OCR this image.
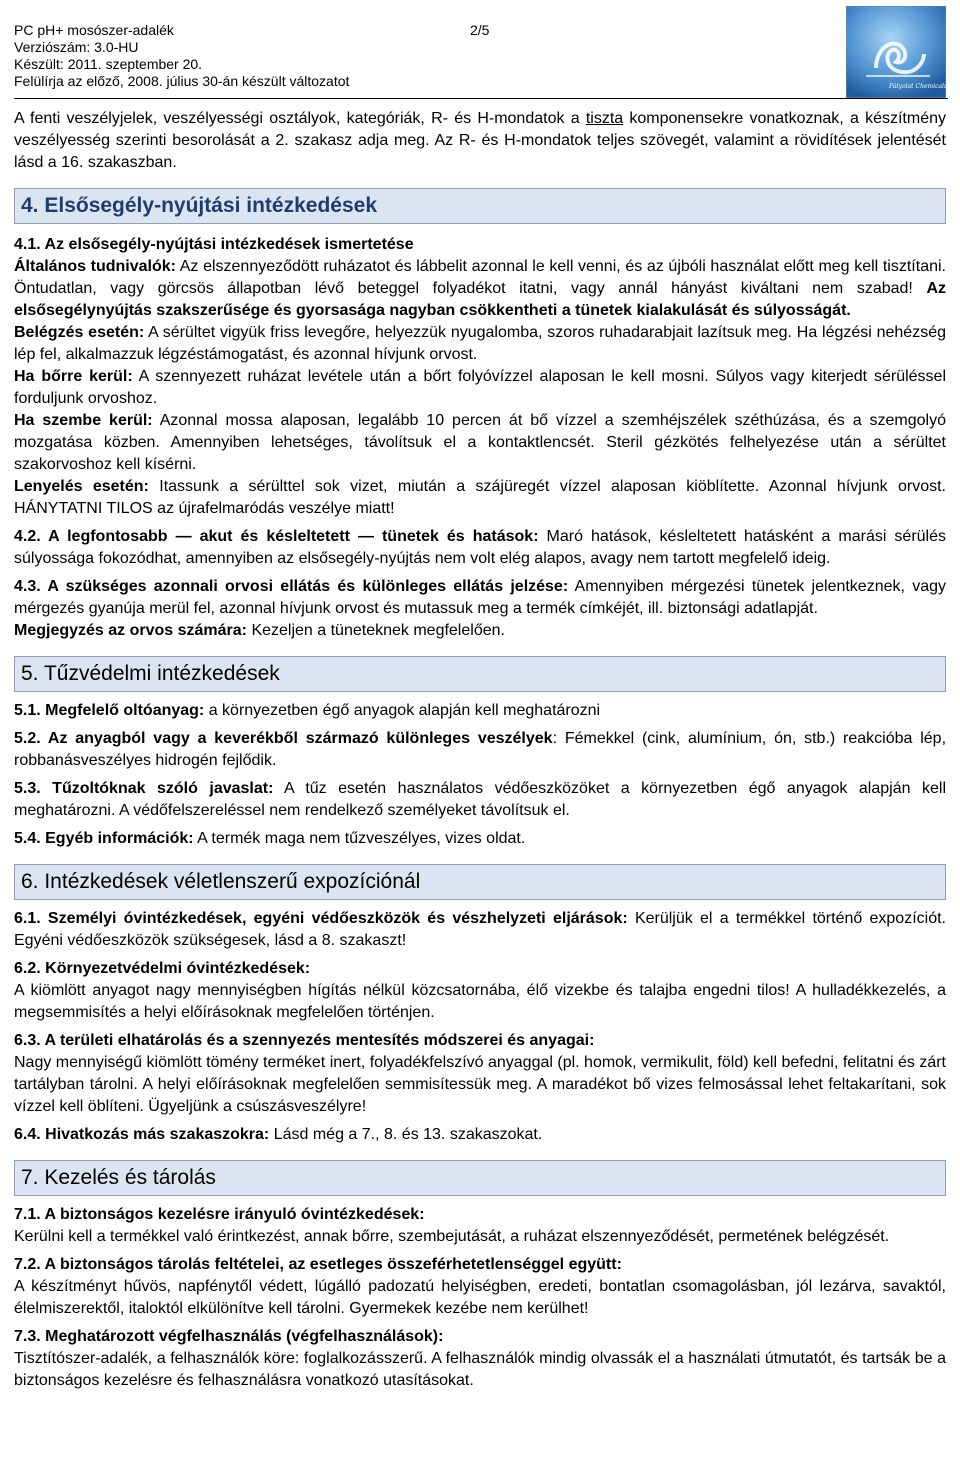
PC pH+ mosószer-adalék	2/5
Verziószám: 3.0-HU
Készült: 2011. szeptember 20.
Felülírja az előző, 2008. július 30-án készült változatot	Fátyolat Chemicals

A fenti veszélyjelek, veszélyességi osztályok, kategóriák, R- és H-mondatok a tiszta komponensekre vonatkoznak, a készítmény veszélyesség szerinti besorolását a 2. szakasz adja meg. Az R- és H-mondatok teljes szövegét, valamint a rövidítések jelentését lásd a 16. szakaszban.

4. Elsősegély-nyújtási intézkedések

4.1. Az elsősegély-nyújtási intézkedések ismertetése

Általános tudnivalók: Az elszennyeződött ruházatot és lábbelit azonnal le kell venni, és az újbóli használat előtt meg kell tisztítani. Öntudatlan, vagy görcsös állapotban lévő beteggel folyadékot itatni, vagy annál hányást kiváltani nem szabad! Az elsősegélynyújtás szakszerűsége és gyorsasága nagyban csökkentheti a tünetek kialakulását és súlyosságát.

Belégzés esetén: A sérültet vigyük friss levegőre, helyezzük nyugalomba, szoros ruhadarabjait lazítsuk meg. Ha légzési nehézség lép fel, alkalmazzuk légzéstámogatást, és azonnal hívjunk orvost.

Ha bőrre kerül: A szennyezett ruházat levétele után a bőrt folyóvízzel alaposan le kell mosni. Súlyos vagy kiterjedt sérüléssel forduljunk orvoshoz.

Ha szembe kerül: Azonnal mossa alaposan, legalább 10 percen át bő vízzel a szemhéjszélek széthúzása, és a szemgolyó mozgatása közben. Amennyiben lehetséges, távolítsuk el a kontaktlencsét. Steril gézkötés felhelyezése után a sérültet szakorvoshoz kell kísérni.

Lenyelés esetén: Itassunk a sérülttel sok vizet, miután a szájüregét vízzel alaposan kiöblítette. Azonnal hívjunk orvost. HÁNYTATNI TILOS az újrafelmaródás veszélye miatt!

4.2. A legfontosabb — akut és késleltetett — tünetek és hatások: Maró hatások, késleltetett hatásként a marási sérülés súlyossága fokozódhat, amennyiben az elsősegély-nyújtás nem volt elég alapos, avagy nem tartott megfelelő ideig.

4.3. A szükséges azonnali orvosi ellátás és különleges ellátás jelzése: Amennyiben mérgezési tünetek jelentkeznek, vagy mérgezés gyanúja merül fel, azonnal hívjunk orvost és mutassuk meg a termék címkéjét, ill. biztonsági adatlapját.

Megjegyzés az orvos számára: Kezeljen a tüneteknek megfelelően.

5. Tűzvédelmi intézkedések

5.1. Megfelelő oltóanyag: a környezetben égő anyagok alapján kell meghatározni

5.2. Az anyagból vagy a keverékből származó különleges veszélyek: Fémekkel (cink, alumínium, ón, stb.) reakcióba lép, robbanásveszélyes hidrogén fejlődik.

5.3. Tűzoltóknak szóló javaslat: A tűz esetén használatos védőeszközöket a környezetben égő anyagok alapján kell meghatározni. A védőfelszereléssel nem rendelkező személyeket távolítsuk el.

5.4. Egyéb információk: A termék maga nem tűzveszélyes, vizes oldat.

6. Intézkedések véletlenszerű expozíciónál

6.1. Személyi óvintézkedések, egyéni védőeszközök és vészhelyzeti eljárások: Kerüljük el a termékkel történő expozíciót. Egyéni védőeszközök szükségesek, lásd a 8. szakaszt!

6.2. Környezetvédelmi óvintézkedések:

A kiömlött anyagot nagy mennyiségben hígítás nélkül közcsatornába, élő vizekbe és talajba engedni tilos! A hulladékkezelés, a megsemmisítés a helyi előírásoknak megfelelően történjen.

6.3. A területi elhatárolás és a szennyezés mentesítés módszerei és anyagai:

Nagy mennyiségű kiömlött tömény terméket inert, folyadékfelszívó anyaggal (pl. homok, vermikulit, föld) kell befedni, felitatni és zárt tartályban tárolni. A helyi előírásoknak megfelelően semmisítessük meg. A maradékot bő vizes felmosással lehet feltakarítani, sok vízzel kell öblíteni. Ügyeljünk a csúszásveszélyre!

6.4. Hivatkozás más szakaszokra: Lásd még a 7., 8. és 13. szakaszokat.

7. Kezelés és tárolás

7.1. A biztonságos kezelésre irányuló óvintézkedések:

Kerülni kell a termékkel való érintkezést, annak bőrre, szembejutását, a ruházat elszennyeződését, permetének belégzését.

7.2. A biztonságos tárolás feltételei, az esetleges összeférhetetlenséggel együtt:

A készítményt hűvös, napfénytől védett, lúgálló padozatú helyiségben, eredeti, bontatlan csomagolásban, jól lezárva, savaktól, élelmiszerektől, italoktól elkülönítve kell tárolni. Gyermekek kezébe nem kerülhet!

7.3. Meghatározott végfelhasználás (végfelhasználások):

Tisztítószer-adalék, a felhasználók köre: foglalkozásszerű. A felhasználók mindig olvassák el a használati útmutatót, és tartsák be a biztonságos kezelésre és felhasználásra vonatkozó utasításokat.
